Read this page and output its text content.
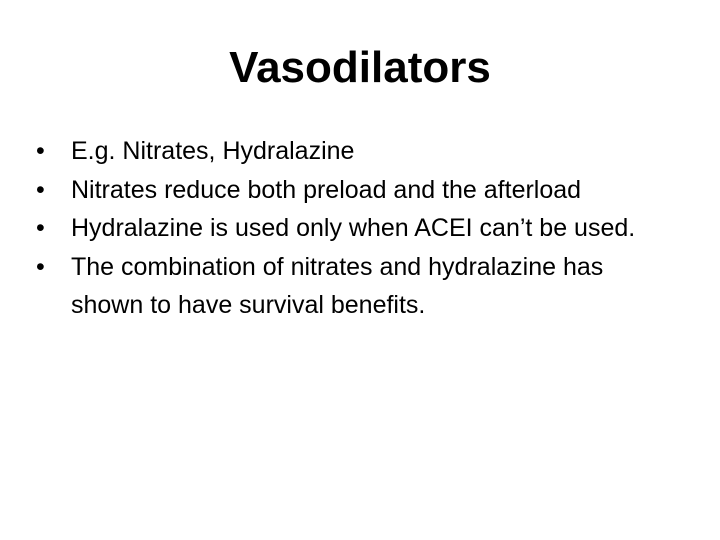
Vasodilators
•	E.g. Nitrates, Hydralazine
•	Nitrates reduce both preload and the afterload
•	Hydralazine is used only when ACEI can’t be used.
•	The combination of nitrates and hydralazine has shown to have survival benefits.
